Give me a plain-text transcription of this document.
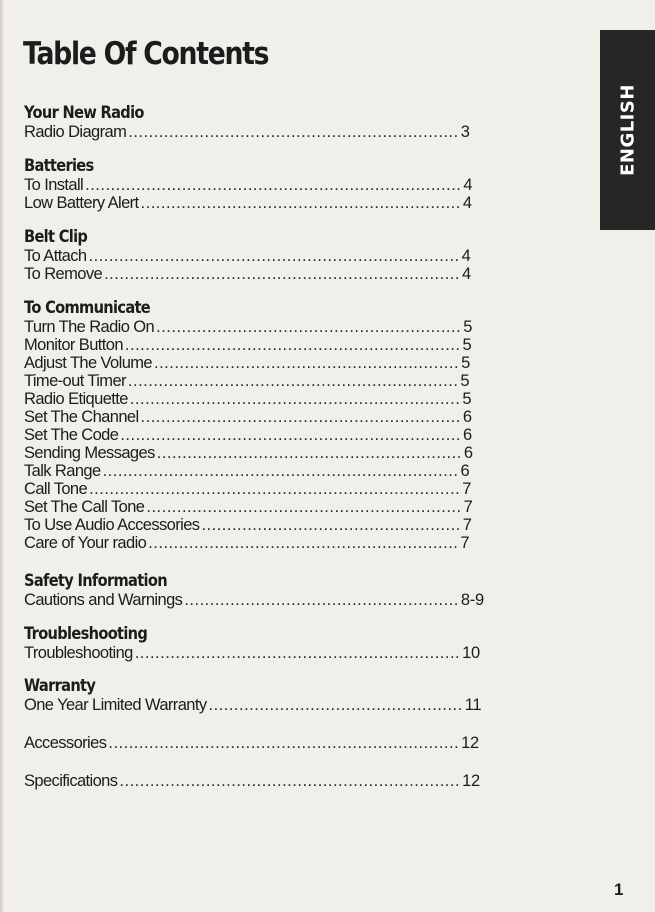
Table Of Contents
Your New Radio
Radio Diagram ................................................................. 3
Batteries
To Install .......................................................................... 4
Low Battery Alert ............................................................... 4
Belt Clip
To Attach ......................................................................... 4
To Remove ...................................................................... 4
To Communicate
Turn The Radio On ............................................................ 5
Monitor Button .................................................................. 5
Adjust The Volume ............................................................ 5
Time-out Timer ................................................................. 5
Radio Etiquette ................................................................. 5
Set The Channel ............................................................... 6
Set The Code ................................................................... 6
Sending Messages ............................................................ 6
Talk Range ...................................................................... 6
Call Tone ......................................................................... 7
Set The Call Tone .............................................................. 7
To Use Audio Accessories ................................................... 7
Care of Your radio ............................................................. 7
Safety Information
Cautions and Warnings ...................................................... 8-9
Troubleshooting
Troubleshooting ................................................................ 10
Warranty
One Year Limited Warranty .................................................. 11
Accessories ..................................................................... 12
Specifications ................................................................... 12
ENGLISH
1
